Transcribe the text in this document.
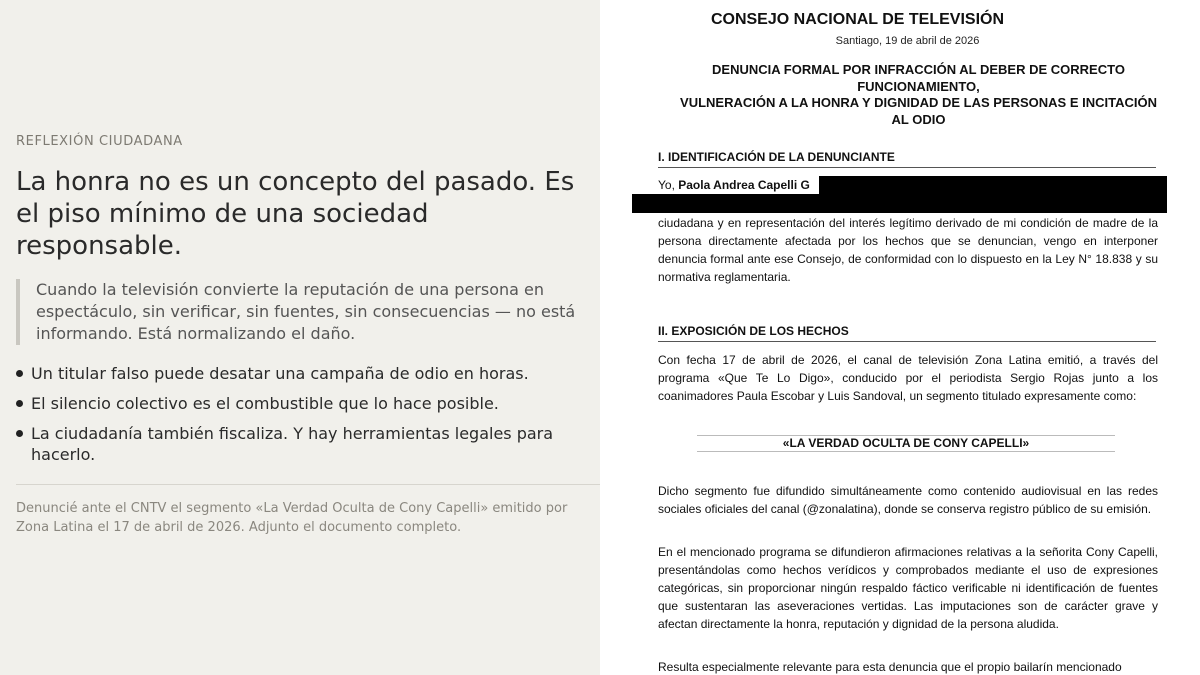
REFLEXIÓN CIUDADANA
La honra no es un concepto del pasado. Es el piso mínimo de una sociedad responsable.
Cuando la televisión convierte la reputación de una persona en espectáculo, sin verificar, sin fuentes, sin consecuencias — no está informando. Está normalizando el daño.
Un titular falso puede desatar una campaña de odio en horas.
El silencio colectivo es el combustible que lo hace posible.
La ciudadanía también fiscaliza. Y hay herramientas legales para hacerlo.
Denuncié ante el CNTV el segmento «La Verdad Oculta de Cony Capelli» emitido por Zona Latina el 17 de abril de 2026. Adjunto el documento completo.
CONSEJO NACIONAL DE TELEVISIÓN
Santiago, 19 de abril de 2026
DENUNCIA FORMAL POR INFRACCIÓN AL DEBER DE CORRECTO FUNCIONAMIENTO,
VULNERACIÓN A LA HONRA Y DIGNIDAD DE LAS PERSONAS E INCITACIÓN AL ODIO
I. IDENTIFICACIÓN DE LA DENUNCIANTE
Yo, Paola Andrea Capelli G
ciudadana y en representación del interés legítimo derivado de mi condición de madre de la persona directamente afectada por los hechos que se denuncian, vengo en interponer denuncia formal ante ese Consejo, de conformidad con lo dispuesto en la Ley N° 18.838 y su normativa reglamentaria.
II. EXPOSICIÓN DE LOS HECHOS
Con fecha 17 de abril de 2026, el canal de televisión Zona Latina emitió, a través del programa «Que Te Lo Digo», conducido por el periodista Sergio Rojas junto a los coanimadores Paula Escobar y Luis Sandoval, un segmento titulado expresamente como:
«LA VERDAD OCULTA DE CONY CAPELLI»
Dicho segmento fue difundido simultáneamente como contenido audiovisual en las redes sociales oficiales del canal (@zonalatina), donde se conserva registro público de su emisión.
En el mencionado programa se difundieron afirmaciones relativas a la señorita Cony Capelli, presentándolas como hechos verídicos y comprobados mediante el uso de expresiones categóricas, sin proporcionar ningún respaldo fáctico verificable ni identificación de fuentes que sustentaran las aseveraciones vertidas. Las imputaciones son de carácter grave y afectan directamente la honra, reputación y dignidad de la persona aludida.
Resulta especialmente relevante para esta denuncia que el propio bailarín mencionado
